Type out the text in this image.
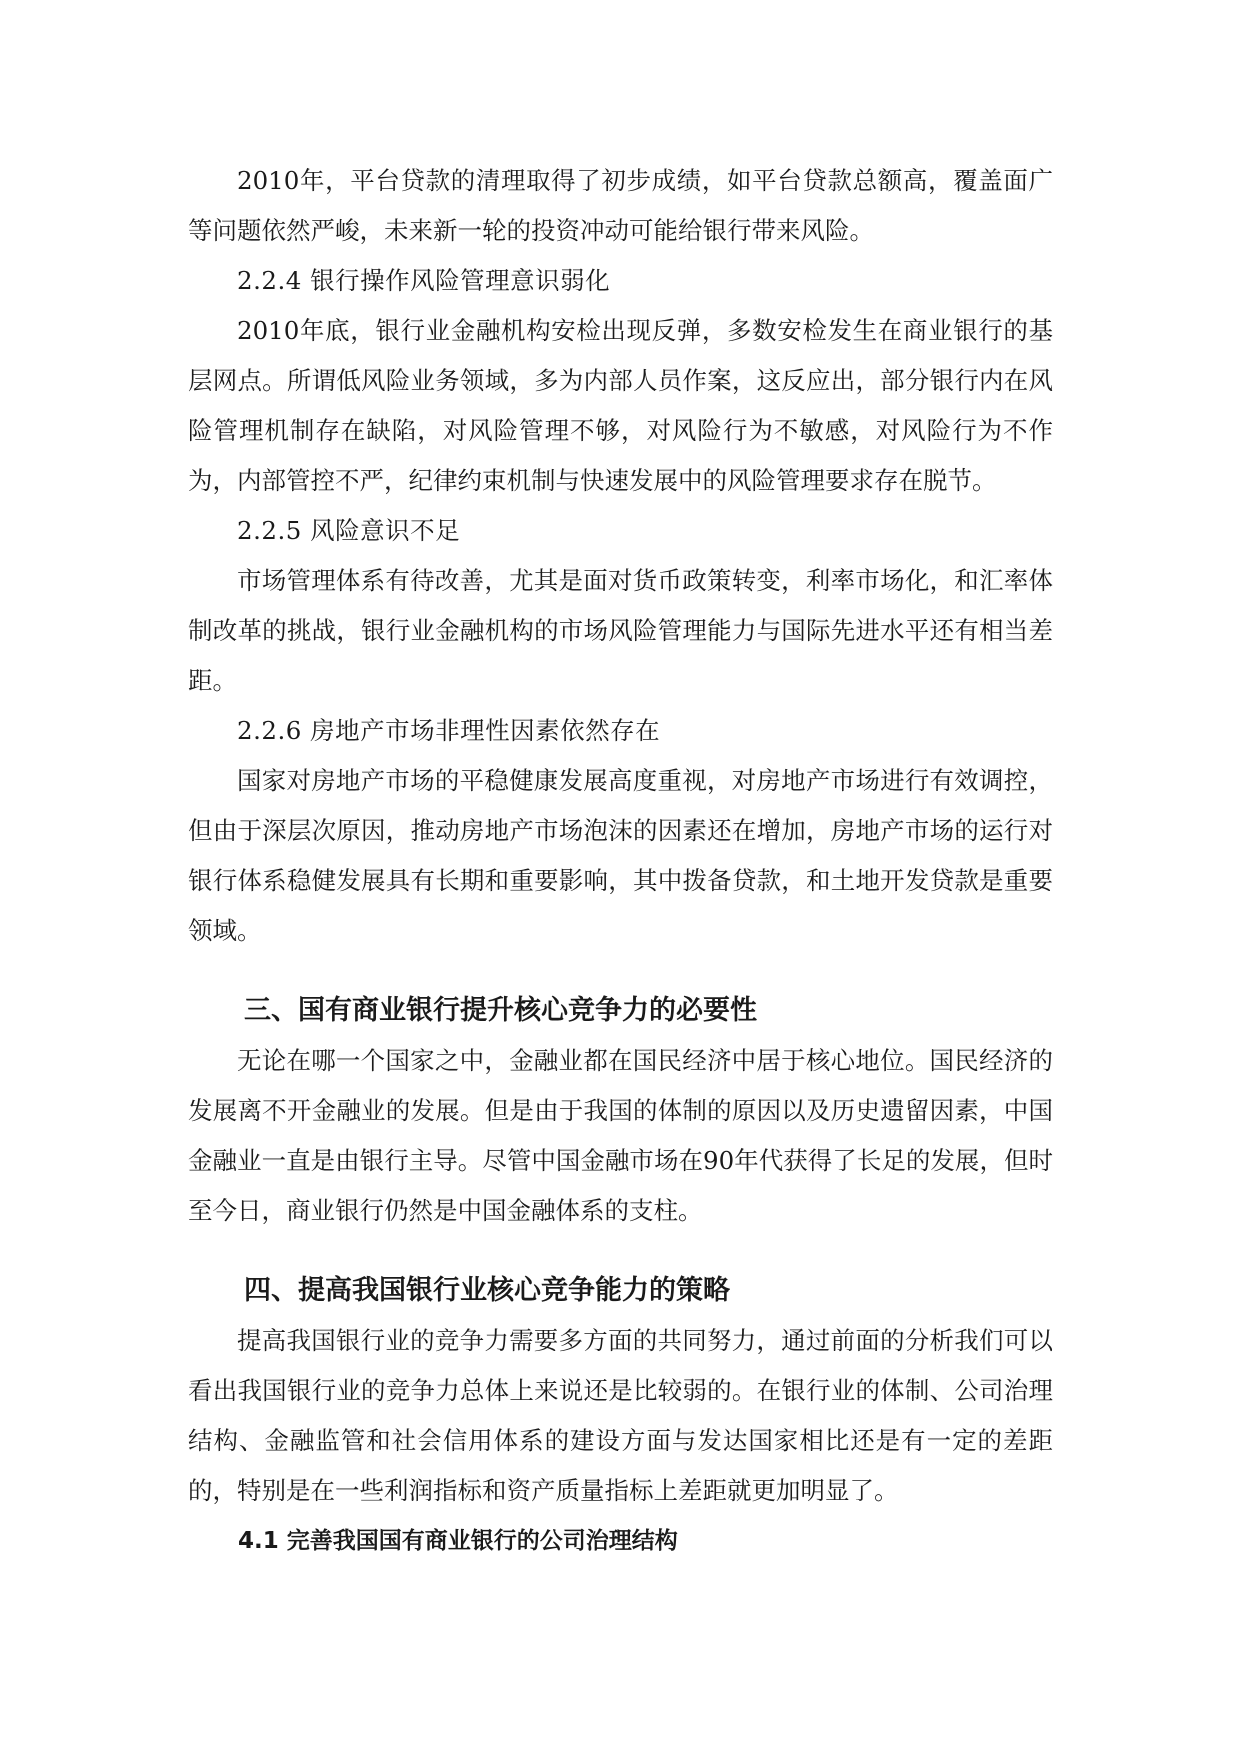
2010年，平台贷款的清理取得了初步成绩，如平台贷款总额高，覆盖面广等问题依然严峻，未来新一轮的投资冲动可能给银行带来风险。

2.2.4 银行操作风险管理意识弱化

2010年底，银行业金融机构安检出现反弹，多数安检发生在商业银行的基层网点。所谓低风险业务领域，多为内部人员作案，这反应出，部分银行内在风险管理机制存在缺陷，对风险管理不够，对风险行为不敏感，对风险行为不作为，内部管控不严，纪律约束机制与快速发展中的风险管理要求存在脱节。

2.2.5 风险意识不足

市场管理体系有待改善，尤其是面对货币政策转变，利率市场化，和汇率体制改革的挑战，银行业金融机构的市场风险管理能力与国际先进水平还有相当差距。

2.2.6 房地产市场非理性因素依然存在

国家对房地产市场的平稳健康发展高度重视，对房地产市场进行有效调控，但由于深层次原因，推动房地产市场泡沫的因素还在增加，房地产市场的运行对银行体系稳健发展具有长期和重要影响，其中拨备贷款，和土地开发贷款是重要领域。

三、国有商业银行提升核心竞争力的必要性

无论在哪一个国家之中，金融业都在国民经济中居于核心地位。国民经济的发展离不开金融业的发展。但是由于我国的体制的原因以及历史遗留因素，中国金融业一直是由银行主导。尽管中国金融市场在90年代获得了长足的发展，但时至今日，商业银行仍然是中国金融体系的支柱。

四、提高我国银行业核心竞争能力的策略

提高我国银行业的竞争力需要多方面的共同努力，通过前面的分析我们可以看出我国银行业的竞争力总体上来说还是比较弱的。在银行业的体制、公司治理结构、金融监管和社会信用体系的建设方面与发达国家相比还是有一定的差距的，特别是在一些利润指标和资产质量指标上差距就更加明显了。

4.1 完善我国国有商业银行的公司治理结构
